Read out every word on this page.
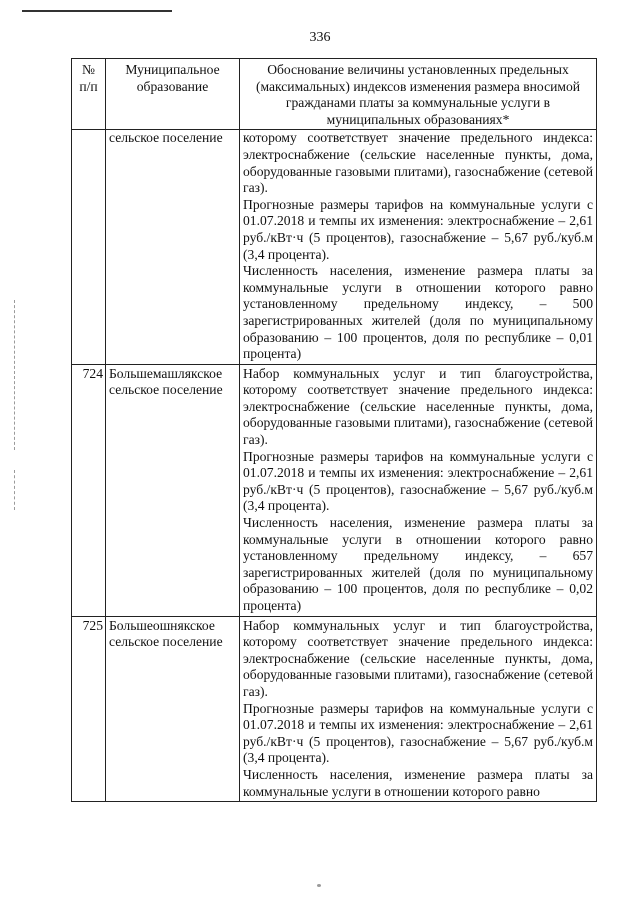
336
№ п/п	Муниципальное образование	Обоснование величины установленных предельных (максимальных) индексов изменения размера вносимой гражданами платы за коммунальные услуги в муниципальных образованиях*
	сельское поселение	которому соответствует значение предельного индекса: электроснабжение (сельские населенные пункты, дома, оборудованные газовыми плитами), газоснабжение (сетевой газ).

Прогнозные размеры тарифов на коммунальные услуги с 01.07.2018 и темпы их изменения: электроснабжение – 2,61 руб./кВт·ч (5 процентов), газоснабжение – 5,67 руб./куб.м (3,4 процента).

Численность населения, изменение размера платы за коммунальные услуги в отношении которого равно установленному предельному индексу, – 500 зарегистрированных жителей (доля по муниципальному образованию – 100 процентов, доля по республике – 0,01 процента)

724	Большемашлякское сельское поселение	Набор коммунальных услуг и тип благоустройства, которому соответствует значение предельного индекса: электроснабжение (сельские населенные пункты, дома, оборудованные газовыми плитами), газоснабжение (сетевой газ).

Прогнозные размеры тарифов на коммунальные услуги с 01.07.2018 и темпы их изменения: электроснабжение – 2,61 руб./кВт·ч (5 процентов), газоснабжение – 5,67 руб./куб.м (3,4 процента).

Численность населения, изменение размера платы за коммунальные услуги в отношении которого равно установленному предельному индексу, – 657 зарегистрированных жителей (доля по муниципальному образованию – 100 процентов, доля по республике – 0,02 процента)

725	Большеошнякское сельское поселение	Набор коммунальных услуг и тип благоустройства, которому соответствует значение предельного индекса: электроснабжение (сельские населенные пункты, дома, оборудованные газовыми плитами), газоснабжение (сетевой газ).

Прогнозные размеры тарифов на коммунальные услуги с 01.07.2018 и темпы их изменения: электроснабжение – 2,61 руб./кВт·ч (5 процентов), газоснабжение – 5,67 руб./куб.м (3,4 процента).

Численность населения, изменение размера платы за коммунальные услуги в отношении которого равно
